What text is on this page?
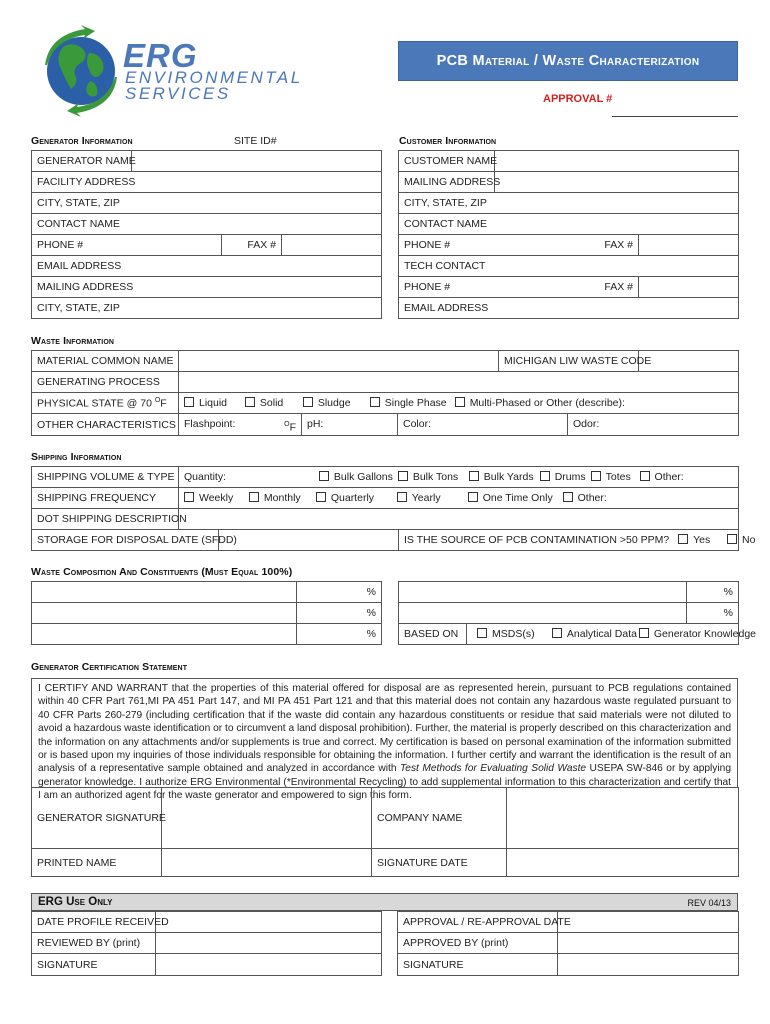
ERG
ENVIRONMENTAL
SERVICES
PCB Material / Waste Characterization
APPROVAL #
Generator Information	SITE ID#	Customer Information
GENERATOR NAME			
FACILITY ADDRESS			
CITY, STATE, ZIP			
CONTACT NAME			
PHONE #		FAX #	
EMAIL ADDRESS			
MAILING ADDRESS			
CITY, STATE, ZIP			
CUSTOMER NAME		
MAILING ADDRESS		
CITY, STATE, ZIP		
CONTACT NAME		
PHONE # FAX #		

TECH CONTACT		
PHONE # FAX #		

EMAIL ADDRESS		
Waste Information
MATERIAL COMMON NAME		MICHIGAN LIW WASTE CODE	
GENERATING PROCESS			
PHYSICAL STATE @ 70 $^O$F	Liquid Solid Sludge Single Phase Multi-Phased or Other (describe):		
OTHER CHARACTERISTICS	Flashpoint: $^O$F pH: Color: Odor:		
Shipping Information
SHIPPING VOLUME & TYPE	Quantity: Bulk Gallons Bulk Tons Bulk Yards Drums Totes Other:		
SHIPPING FREQUENCY	Weekly Monthly Quarterly Yearly One Time Only Other:		
DOT SHIPPING DESCRIPTION			
STORAGE FOR DISPOSAL DATE (SFDD)			IS THE SOURCE OF PCB CONTAMINATION >50 PPM? Yes No
Waste Composition And Constituents (Must Equal 100%)
	%
	%
	%
		%
		%
BASED ON	MSDS(s) Analytical Data Generator Knowledge	
Generator Certification Statement
I CERTIFY AND WARRANT that the properties of this material offered for disposal are as represented herein, pursuant to PCB regulations contained within 40 CFR Part 761,MI PA 451 Part 147, and MI PA 451 Part 121 and that this material does not contain any hazardous waste regulated pursuant to 40 CFR Parts 260-279 (including certification that if the waste did contain any hazardous constituents or residue that said materials were not diluted to avoid a hazardous waste identification or to circumvent a land disposal prohibition). Further, the material is properly described on this characterization and the information on any attachments and/or supplements is true and correct. My certification is based on personal examination of the information submitted or is based upon my inquiries of those individuals responsible for obtaining the information. I further certify and warrant the identification is the result of an analysis of a representative sample obtained and analyzed in accordance with Test Methods for Evaluating Solid Waste USEPA SW-846 or by applying generator knowledge. I authorize ERG Environmental (*Environmental Recycling) to add supplemental information to this characterization and certify that I am an authorized agent for the waste generator and empowered to sign this form.
GENERATOR SIGNATURE		COMPANY NAME	
PRINTED NAME		SIGNATURE DATE	
ERG Use Only	REV 04/13
DATE PROFILE RECEIVED			APPROVAL / RE-APPROVAL DATE	
REVIEWED BY (print)			APPROVED BY (print)	
SIGNATURE			SIGNATURE	
